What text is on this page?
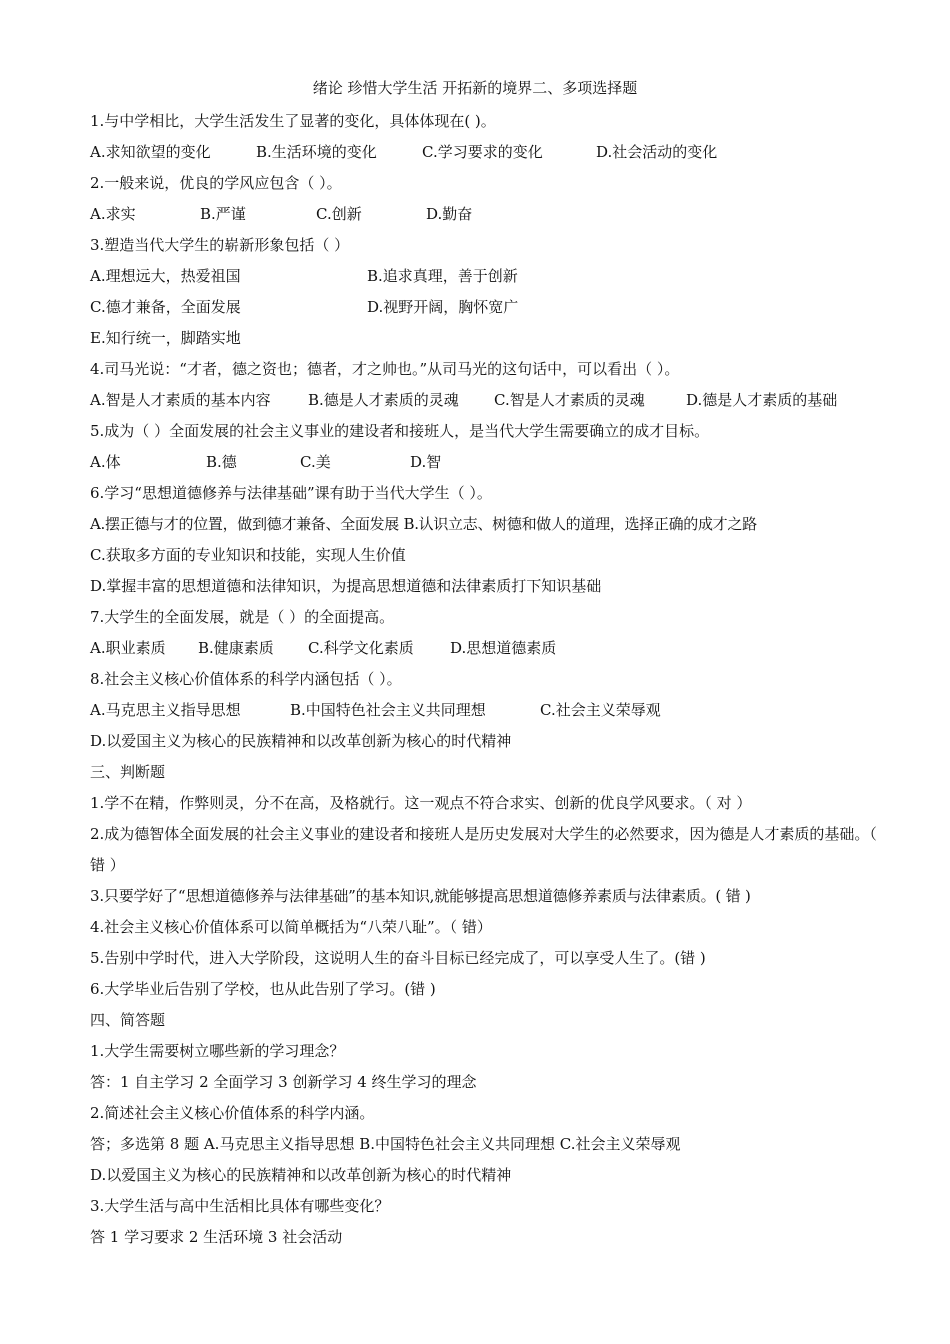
绪论 珍惜大学生活 开拓新的境界二、多项选择题
1.与中学相比，大学生活发生了显著的变化，具体体现在( )。
A.求知欲望的变化	B.生活环境的变化	C.学习要求的变化	D.社会活动的变化
2.一般来说，优良的学风应包含（ ）。
A.求实	B.严谨	C.创新	D.勤奋
3.塑造当代大学生的崭新形象包括（ ）
A.理想远大，热爱祖国	B.追求真理，善于创新
C.德才兼备，全面发展	D.视野开阔，胸怀宽广
E.知行统一，脚踏实地
4.司马光说：“才者，德之资也；德者，才之帅也。”从司马光的这句话中，可以看出（ ）。
A.智是人才素质的基本内容 B.德是人才素质的灵魂 C.智是人才素质的灵魂	D.德是人才素质的基础
5.成为（ ）全面发展的社会主义事业的建设者和接班人，是当代大学生需要确立的成才目标。
A.体	B.德	C.美	D.智
6.学习“思想道德修养与法律基础”课有助于当代大学生（ ）。
A.摆正德与才的位置，做到德才兼备、全面发展 B.认识立志、树德和做人的道理，选择正确的成才之路
C.获取多方面的专业知识和技能，实现人生价值
D.掌握丰富的思想道德和法律知识，为提高思想道德和法律素质打下知识基础
7.大学生的全面发展，就是（ ）的全面提高。
A.职业素质 B.健康素质 C.科学文化素质 D.思想道德素质
8.社会主义核心价值体系的科学内涵包括（ ）。
A.马克思主义指导思想	B.中国特色社会主义共同理想	C.社会主义荣辱观
D.以爱国主义为核心的民族精神和以改革创新为核心的时代精神
三、判断题
1.学不在精，作弊则灵，分不在高，及格就行。这一观点不符合求实、创新的优良学风要求。（ 对 ）
2.成为德智体全面发展的社会主义事业的建设者和接班人是历史发展对大学生的必然要求，因为德是人才素质的基础。（ 错 ）
3.只要学好了“思想道德修养与法律基础”的基本知识,就能够提高思想道德修养素质与法律素质。( 错 )
4.社会主义核心价值体系可以简单概括为“八荣八耻”。（ 错）
5.告别中学时代，进入大学阶段，这说明人生的奋斗目标已经完成了，可以享受人生了。(错 )
6.大学毕业后告别了学校，也从此告别了学习。(错 )
四、简答题
1.大学生需要树立哪些新的学习理念？
答：1 自主学习 2 全面学习 3 创新学习 4 终生学习的理念
2.简述社会主义核心价值体系的科学内涵。
答；多选第 8 题 A.马克思主义指导思想 B.中国特色社会主义共同理想 C.社会主义荣辱观
D.以爱国主义为核心的民族精神和以改革创新为核心的时代精神
3.大学生活与高中生活相比具体有哪些变化？
答 1 学习要求 2 生活环境 3 社会活动
